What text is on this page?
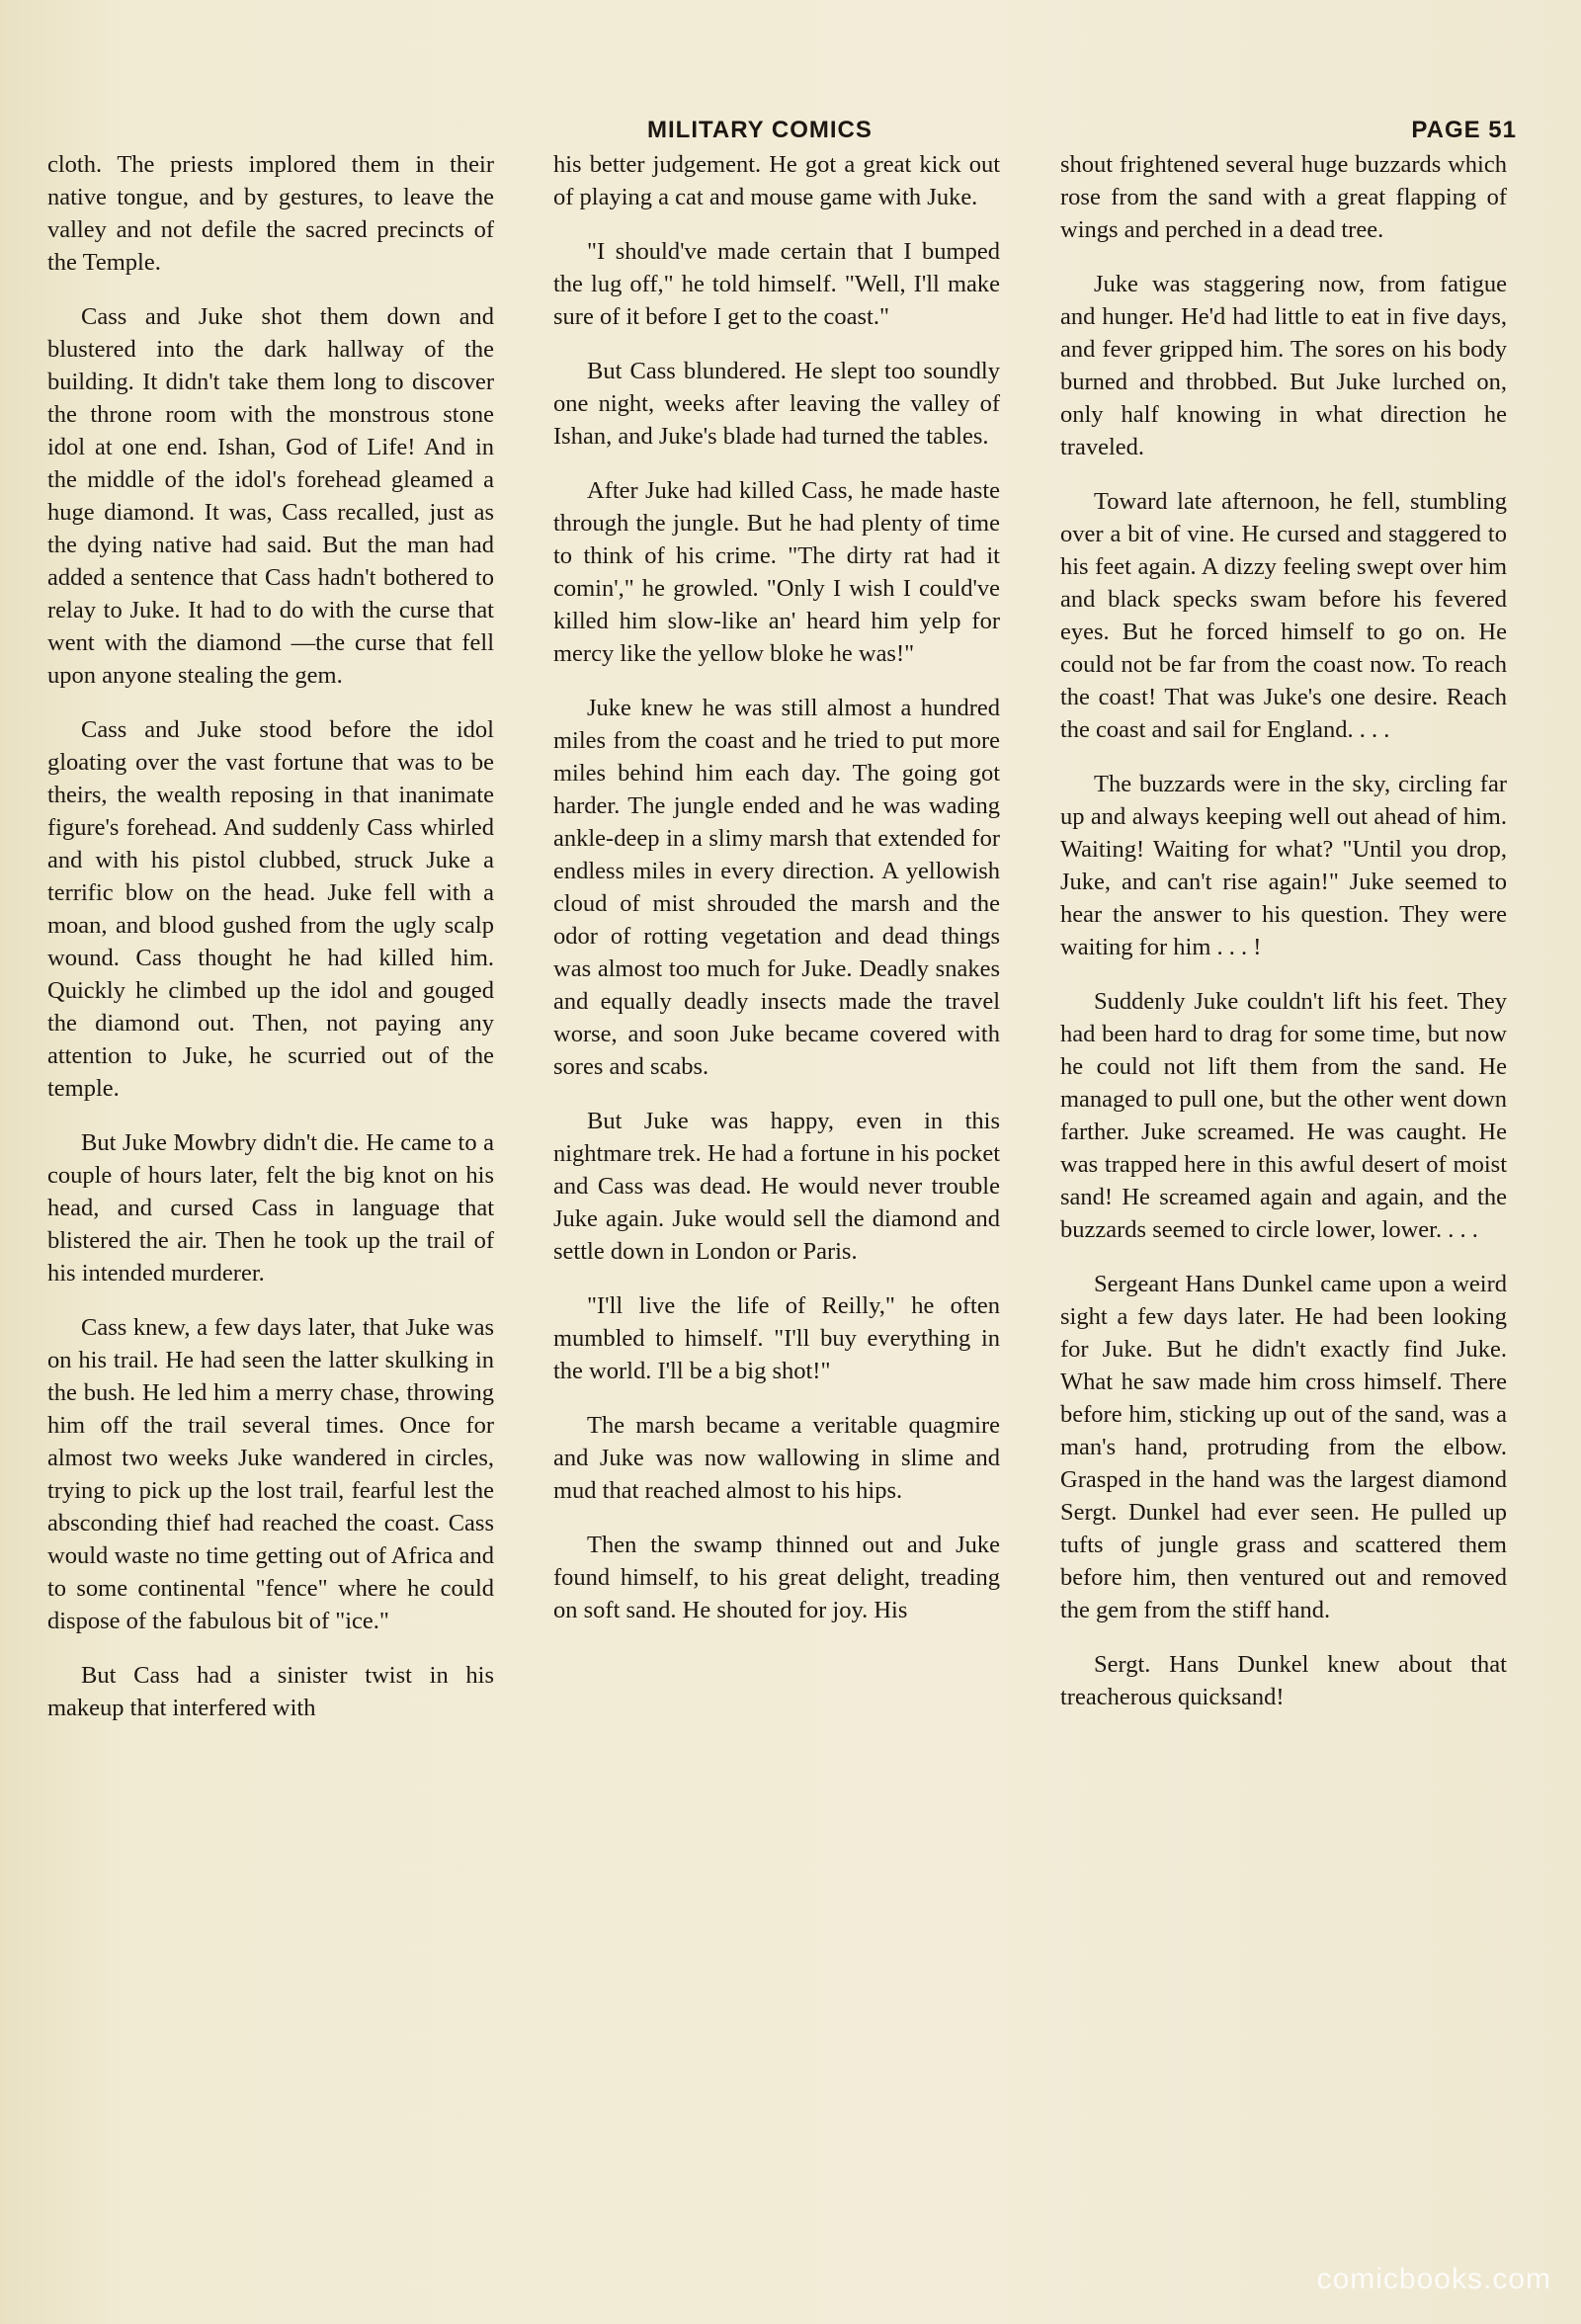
MILITARY COMICS	PAGE 51

cloth. The priests implored them in their native tongue, and by gestures, to leave the valley and not defile the sacred precincts of the Temple.

Cass and Juke shot them down and blustered into the dark hallway of the building. It didn't take them long to discover the throne room with the monstrous stone idol at one end. Ishan, God of Life! And in the middle of the idol's forehead gleamed a huge diamond. It was, Cass recalled, just as the dying native had said. But the man had added a sentence that Cass hadn't bothered to relay to Juke. It had to do with the curse that went with the diamond —the curse that fell upon anyone stealing the gem.

Cass and Juke stood before the idol gloating over the vast fortune that was to be theirs, the wealth reposing in that inanimate figure's forehead. And suddenly Cass whirled and with his pistol clubbed, struck Juke a terrific blow on the head. Juke fell with a moan, and blood gushed from the ugly scalp wound. Cass thought he had killed him. Quickly he climbed up the idol and gouged the diamond out. Then, not paying any attention to Juke, he scurried out of the temple.

But Juke Mowbry didn't die. He came to a couple of hours later, felt the big knot on his head, and cursed Cass in language that blistered the air. Then he took up the trail of his intended murderer.

Cass knew, a few days later, that Juke was on his trail. He had seen the latter skulking in the bush. He led him a merry chase, throwing him off the trail several times. Once for almost two weeks Juke wandered in circles, trying to pick up the lost trail, fearful lest the absconding thief had reached the coast. Cass would waste no time getting out of Africa and to some continental "fence" where he could dispose of the fabulous bit of "ice."

But Cass had a sinister twist in his makeup that interfered with

his better judgement. He got a great kick out of playing a cat and mouse game with Juke.

"I should've made certain that I bumped the lug off," he told himself. "Well, I'll make sure of it before I get to the coast."

But Cass blundered. He slept too soundly one night, weeks after leaving the valley of Ishan, and Juke's blade had turned the tables.

After Juke had killed Cass, he made haste through the jungle. But he had plenty of time to think of his crime. "The dirty rat had it comin'," he growled. "Only I wish I could've killed him slow-like an' heard him yelp for mercy like the yellow bloke he was!"

Juke knew he was still almost a hundred miles from the coast and he tried to put more miles behind him each day. The going got harder. The jungle ended and he was wading ankle-deep in a slimy marsh that extended for endless miles in every direction. A yellowish cloud of mist shrouded the marsh and the odor of rotting vegetation and dead things was almost too much for Juke. Deadly snakes and equally deadly insects made the travel worse, and soon Juke became covered with sores and scabs.

But Juke was happy, even in this nightmare trek. He had a fortune in his pocket and Cass was dead. He would never trouble Juke again. Juke would sell the diamond and settle down in London or Paris.

"I'll live the life of Reilly," he often mumbled to himself. "I'll buy everything in the world. I'll be a big shot!"

The marsh became a veritable quagmire and Juke was now wallowing in slime and mud that reached almost to his hips.

Then the swamp thinned out and Juke found himself, to his great delight, treading on soft sand. He shouted for joy. His

shout frightened several huge buzzards which rose from the sand with a great flapping of wings and perched in a dead tree.

Juke was staggering now, from fatigue and hunger. He'd had little to eat in five days, and fever gripped him. The sores on his body burned and throbbed. But Juke lurched on, only half knowing in what direction he traveled.

Toward late afternoon, he fell, stumbling over a bit of vine. He cursed and staggered to his feet again. A dizzy feeling swept over him and black specks swam before his fevered eyes. But he forced himself to go on. He could not be far from the coast now. To reach the coast! That was Juke's one desire. Reach the coast and sail for England. . . .

The buzzards were in the sky, circling far up and always keeping well out ahead of him. Waiting! Waiting for what? "Until you drop, Juke, and can't rise again!" Juke seemed to hear the answer to his question. They were waiting for him . . . !

Suddenly Juke couldn't lift his feet. They had been hard to drag for some time, but now he could not lift them from the sand. He managed to pull one, but the other went down farther. Juke screamed. He was caught. He was trapped here in this awful desert of moist sand! He screamed again and again, and the buzzards seemed to circle lower, lower. . . .

Sergeant Hans Dunkel came upon a weird sight a few days later. He had been looking for Juke. But he didn't exactly find Juke. What he saw made him cross himself. There before him, sticking up out of the sand, was a man's hand, protruding from the elbow. Grasped in the hand was the largest diamond Sergt. Dunkel had ever seen. He pulled up tufts of jungle grass and scattered them before him, then ventured out and removed the gem from the stiff hand.

Sergt. Hans Dunkel knew about that treacherous quicksand!

comicbooks.com
